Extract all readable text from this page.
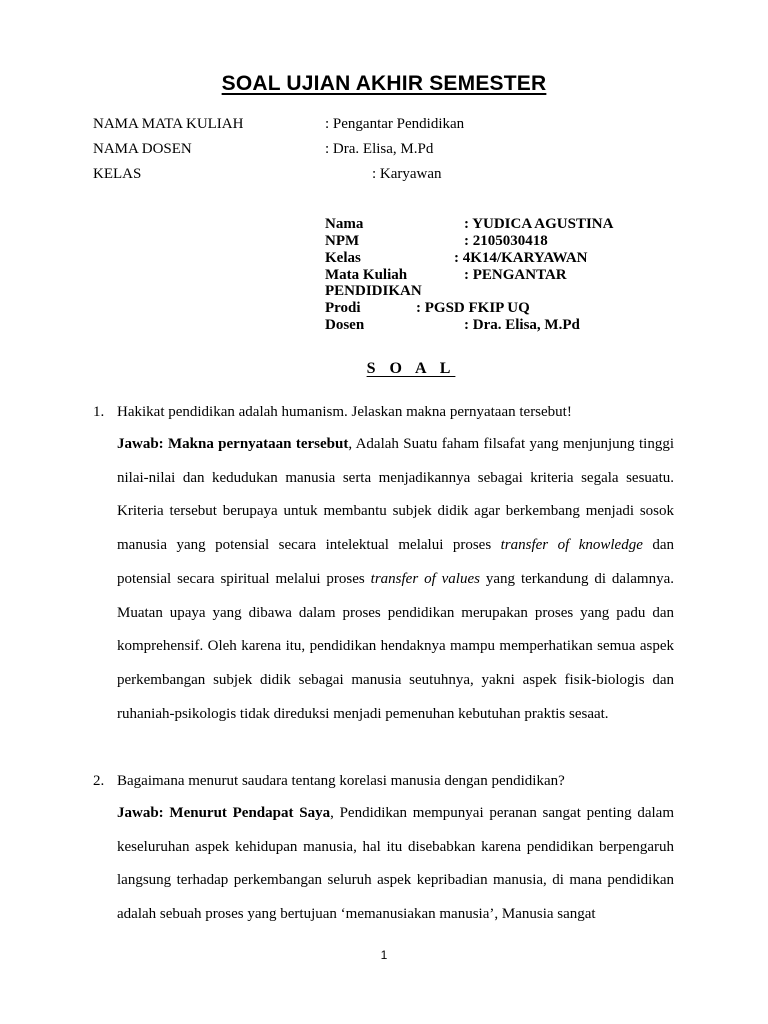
SOAL UJIAN AKHIR SEMESTER
NAMA MATA KULIAH	: Pengantar Pendidikan
NAMA DOSEN	: Dra. Elisa, M.Pd
KELAS	: Karyawan
Nama	: YUDICA AGUSTINA
NPM	: 2105030418
Kelas	: 4K14/KARYAWAN
Mata Kuliah	: PENGANTAR
PENDIDIKAN
Prodi	: PGSD FKIP UQ
Dosen	: Dra. Elisa, M.Pd
S O A L
1. Hakikat pendidikan adalah humanism. Jelaskan makna pernyataan tersebut!

Jawab: Makna pernyataan tersebut, Adalah Suatu faham filsafat yang menjunjung tinggi nilai-nilai dan kedudukan manusia serta menjadikannya sebagai kriteria segala sesuatu. Kriteria tersebut berupaya untuk membantu subjek didik agar berkembang menjadi sosok manusia yang potensial secara intelektual melalui proses transfer of knowledge dan potensial secara spiritual melalui proses transfer of values yang terkandung di dalamnya. Muatan upaya yang dibawa dalam proses pendidikan merupakan proses yang padu dan komprehensif. Oleh karena itu, pendidikan hendaknya mampu memperhatikan semua aspek perkembangan subjek didik sebagai manusia seutuhnya, yakni aspek fisik-biologis dan ruhaniah-psikologis tidak direduksi menjadi pemenuhan kebutuhan praktis sesaat.

2. Bagaimana menurut saudara tentang korelasi manusia dengan pendidikan?

Jawab: Menurut Pendapat Saya, Pendidikan mempunyai peranan sangat penting dalam keseluruhan aspek kehidupan manusia, hal itu disebabkan karena pendidikan berpengaruh langsung terhadap perkembangan seluruh aspek kepribadian manusia, di mana pendidikan adalah sebuah proses yang bertujuan ‘memanusiakan manusia’, Manusia sangat

1
